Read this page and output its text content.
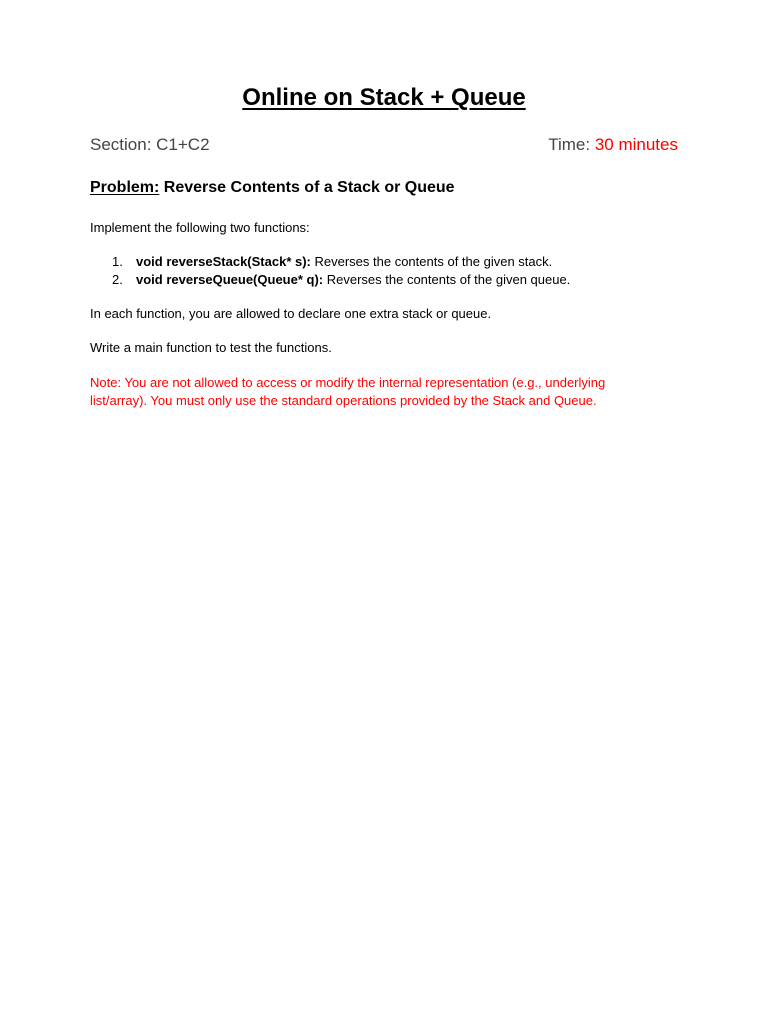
Online on Stack + Queue
Section: C1+C2	Time: 30 minutes
Problem: Reverse Contents of a Stack or Queue
Implement the following two functions:
1. void reverseStack(Stack* s): Reverses the contents of the given stack.
2. void reverseQueue(Queue* q): Reverses the contents of the given queue.
In each function, you are allowed to declare one extra stack or queue.
Write a main function to test the functions.
Note: You are not allowed to access or modify the internal representation (e.g., underlying
list/array). You must only use the standard operations provided by the Stack and Queue.
